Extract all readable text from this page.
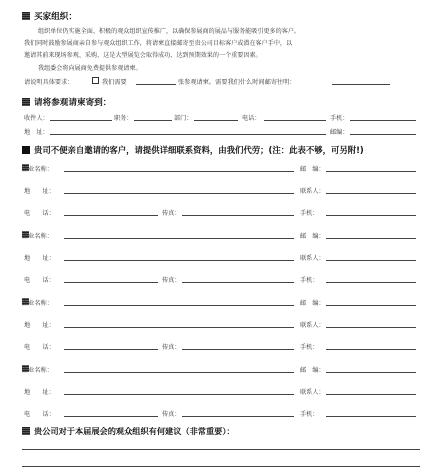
买家组织：
组织单位仍实施全面、积极的观众组织宣传推广，以确保参展商的展品与服务能吸引更多的客户。
我们同时鼓励参展商亲自参与观众组织工作，将请柬直接邮寄至贵公司目标客户或潜在客户手中，以
邀请其前来现场参观、采购，这是大型展览会取得成功、达到预期效果的一个重要因素。
我组委会将向展商免费提供参观请柬。
请说明具体要求：	我们需要	张参观请柬。需要我们什么时间邮寄往明：
请将参观请柬寄到：
收件人：	职务：	部门：	电话：	手机：
地　址：	邮编：
贵司不便亲自邀请的客户，请提供详细联系资料，由我们代劳；(注：此表不够，可另附!)
企业名称：	邮　编：
地　　址：	联系人：
电　　话：	传真：	手机：
企业名称：	邮　编：
地　　址：	联系人：
电　　话：	传真：	手机：
企业名称：	邮　编：
地　　址：	联系人：
电　　话：	传真：	手机：
企业名称：	邮　编：
地　　址：	联系人：
电　　话：	传真：	手机：
贵公司对于本届展会的观众组织有何建议（非常重要）：
